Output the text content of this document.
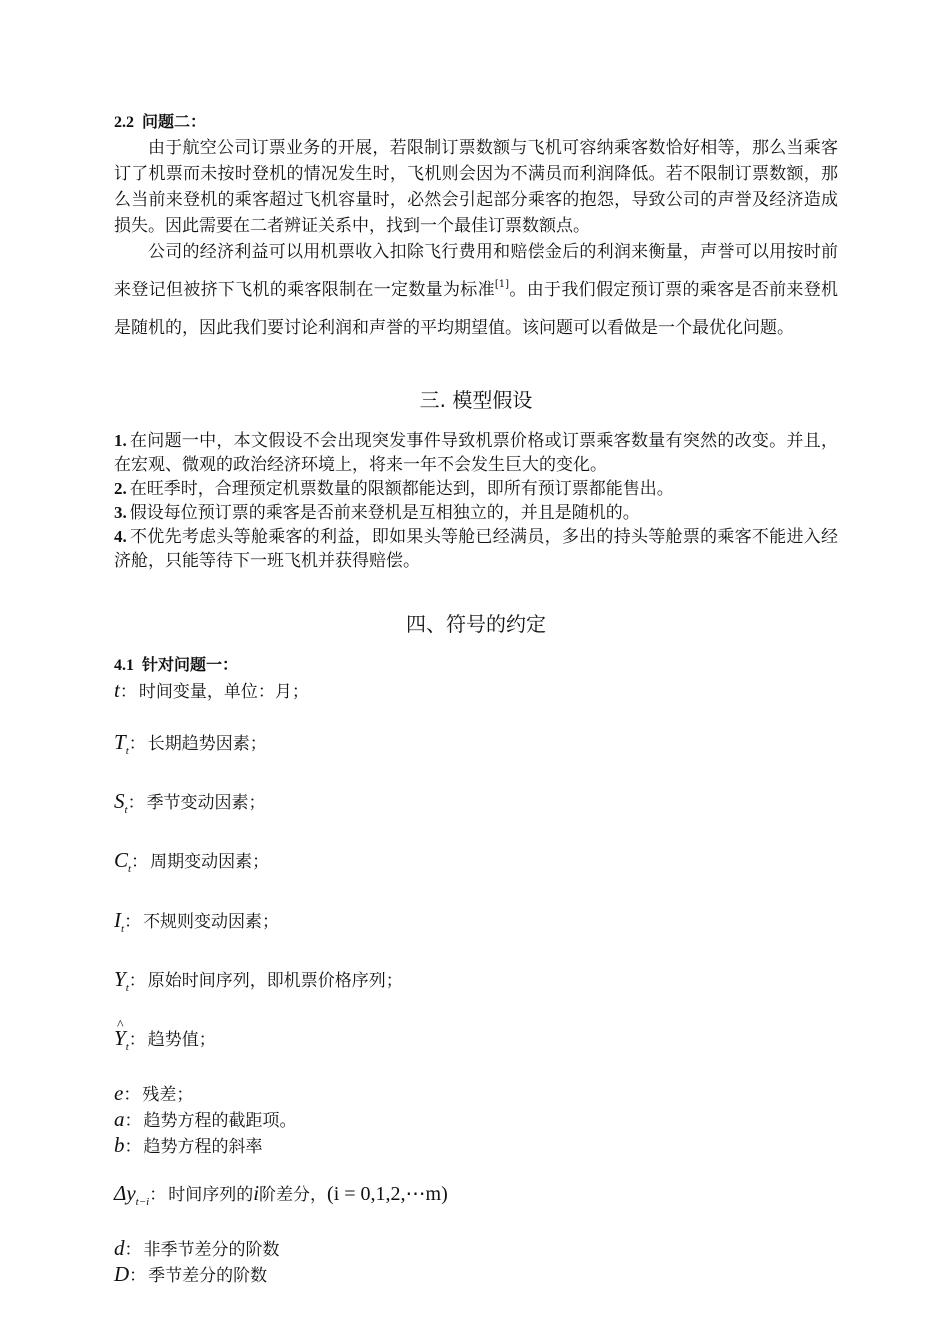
2.2 问题二：

由于航空公司订票业务的开展，若限制订票数额与飞机可容纳乘客数恰好相等，那么当乘客订了机票而未按时登机的情况发生时，飞机则会因为不满员而利润降低。若不限制订票数额，那么当前来登机的乘客超过飞机容量时，必然会引起部分乘客的抱怨，导致公司的声誉及经济造成损失。因此需要在二者辨证关系中，找到一个最佳订票数额点。

公司的经济利益可以用机票收入扣除飞行费用和赔偿金后的利润来衡量，声誉可以用按时前来登记但被挤下飞机的乘客限制在一定数量为标准[1]。由于我们假定预订票的乘客是否前来登机是随机的，因此我们要讨论利润和声誉的平均期望值。该问题可以看做是一个最优化问题。

三. 模型假设

1. 在问题一中，本文假设不会出现突发事件导致机票价格或订票乘客数量有突然的改变。并且，在宏观、微观的政治经济环境上，将来一年不会发生巨大的变化。

2. 在旺季时，合理预定机票数量的限额都能达到，即所有预订票都能售出。

3. 假设每位预订票的乘客是否前来登机是互相独立的，并且是随机的。

4. 不优先考虑头等舱乘客的利益，即如果头等舱已经满员，多出的持头等舱票的乘客不能进入经济舱，只能等待下一班飞机并获得赔偿。

四、符号的约定

4.1 针对问题一：

t ： 时间变量，单位：月；

$T_t$ ： 长期趋势因素；

$S_t$ ： 季节变动因素；

$C_t$ ： 周期变动因素；

$I_t$ ： 不规则变动因素；

$Y_t$ ： 原始时间序列，即机票价格序列；

^ $Y_t$ ： 趋势值；

e ： 残差；

a ： 趋势方程的截距项。

b ： 趋势方程的斜率

$\Delta y_{t-i}$ ： 时间序列的 i 阶差分， (i = 0,1,2,⋯m)

d ： 非季节差分的阶数

D ： 季节差分的阶数
